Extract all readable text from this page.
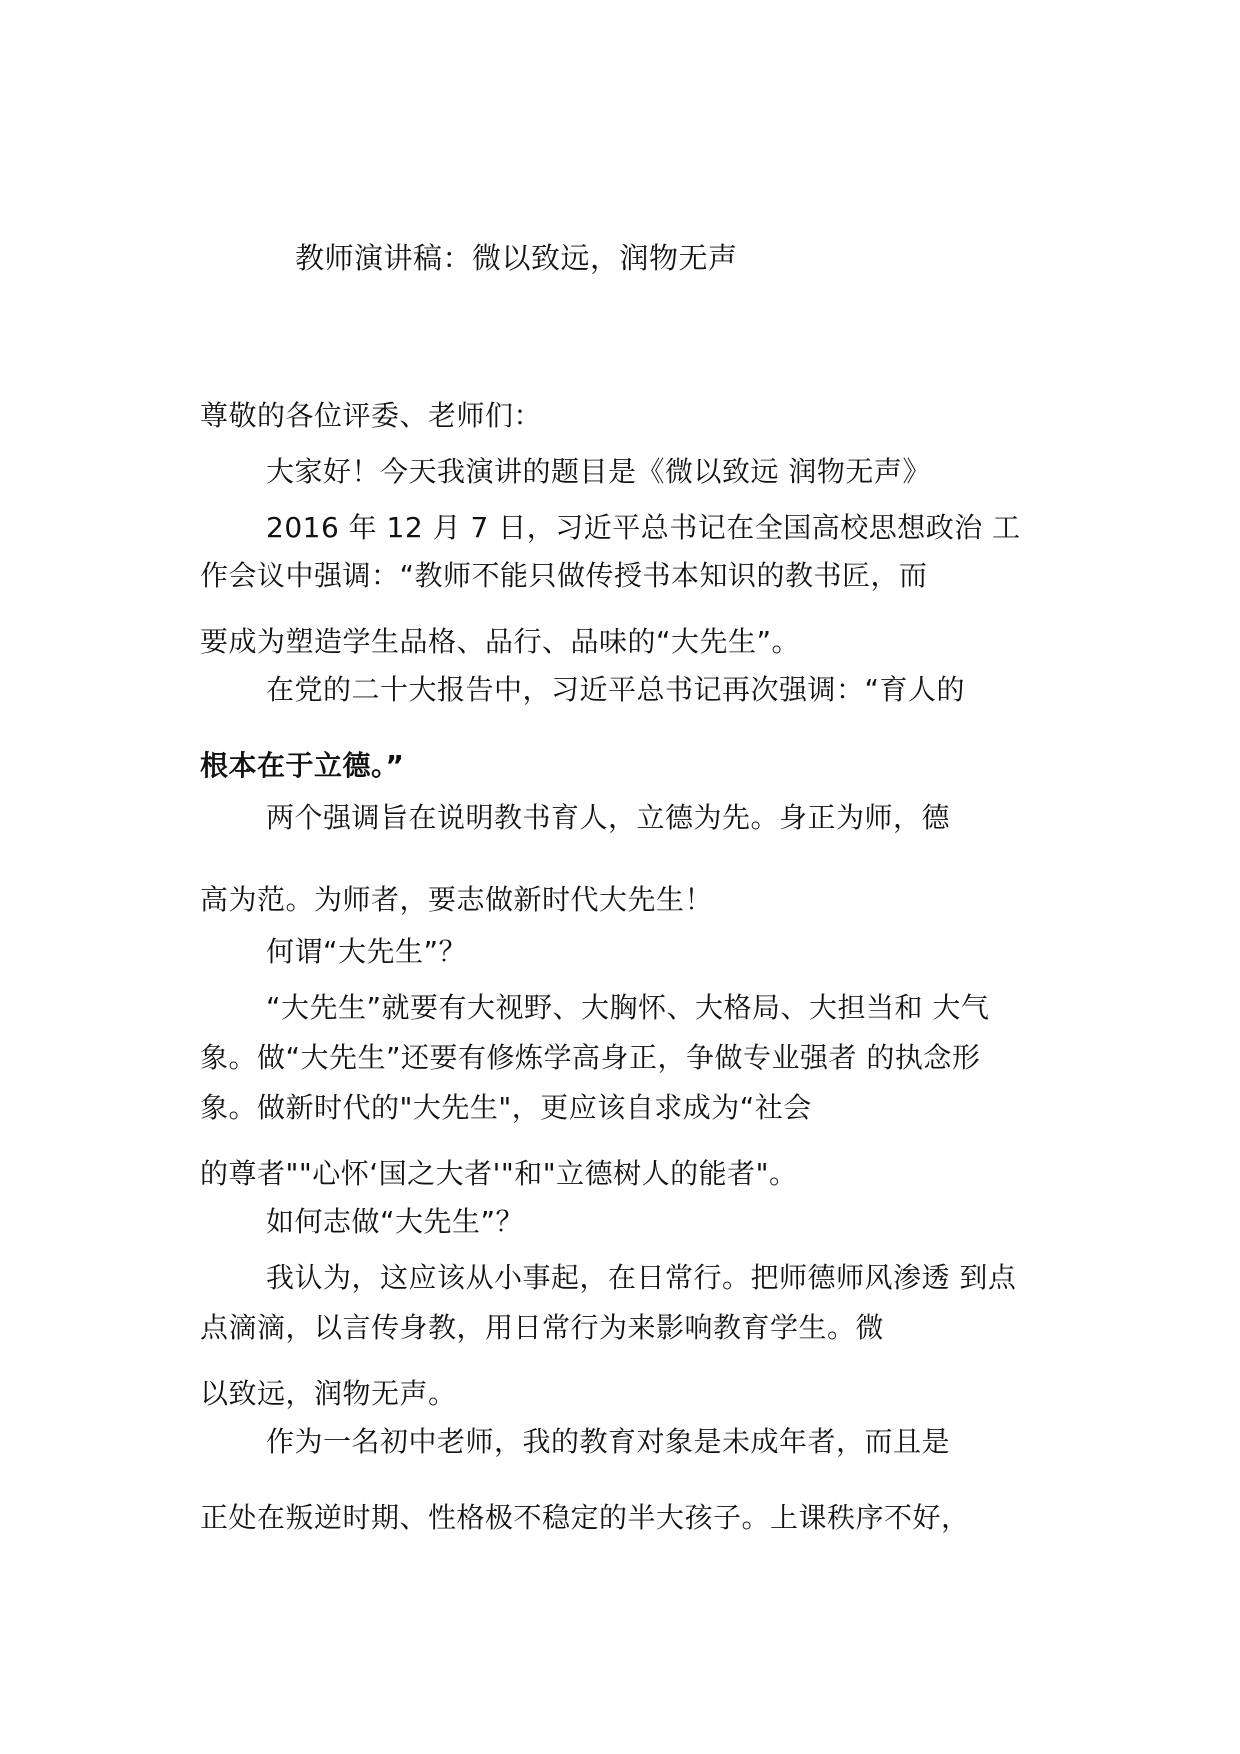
教师演讲稿：微以致远，润物无声
尊敬的各位评委、老师们：
大家好！今天我演讲的题目是《微以致远 润物无声》
2016 年 12 月 7 日，习近平总书记在全国高校思想政治 工
作会议中强调：“教师不能只做传授书本知识的教书匠，而
要成为塑造学生品格、品行、品味的“大先生”。
在党的二十大报告中，习近平总书记再次强调：“育人的
根本在于立德。”
两个强调旨在说明教书育人，立德为先。身正为师，德
高为范。为师者，要志做新时代大先生！
何谓“大先生”？
“大先生”就要有大视野、大胸怀、大格局、大担当和 大气
象。做“大先生”还要有修炼学高身正，争做专业强者 的执念形
象。做新时代的"大先生"，更应该自求成为“社会
的尊者""心怀‘国之大者'"和"立德树人的能者"。
如何志做“大先生”？
我认为，这应该从小事起，在日常行。把师德师风渗透 到点
点滴滴，以言传身教，用日常行为来影响教育学生。微
以致远，润物无声。
作为一名初中老师，我的教育对象是未成年者，而且是
正处在叛逆时期、性格极不稳定的半大孩子。上课秩序不好，
